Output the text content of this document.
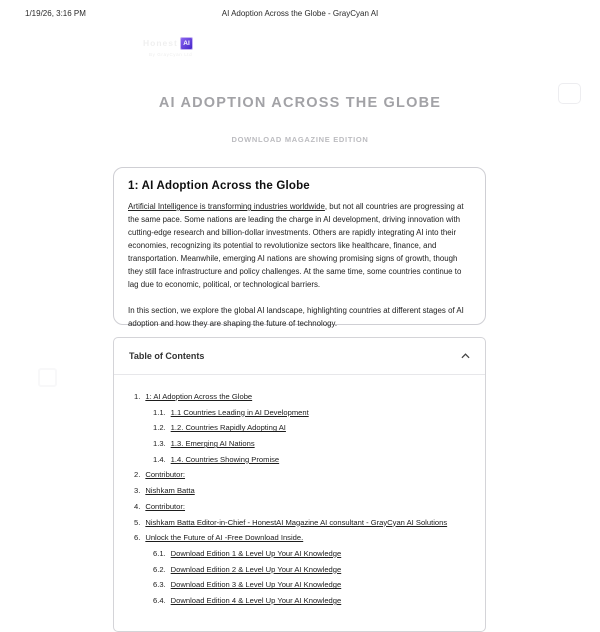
1/19/26, 3:16 PM	AI Adoption Across the Globe - GrayCyan AI
Honest AI
By GrayCyan Ltd
AI ADOPTION ACROSS THE GLOBE
DOWNLOAD MAGAZINE EDITION
1: AI Adoption Across the Globe

Artificial Intelligence is transforming industries worldwide, but not all countries are progressing at the same pace. Some nations are leading the charge in AI development, driving innovation with cutting-edge research and billion-dollar investments. Others are rapidly integrating AI into their economies, recognizing its potential to revolutionize sectors like healthcare, finance, and transportation. Meanwhile, emerging AI nations are showing promising signs of growth, though they still face infrastructure and policy challenges. At the same time, some countries continue to lag due to economic, political, or technological barriers.

In this section, we explore the global AI landscape, highlighting countries at different stages of AI adoption and how they are shaping the future of technology.

Table of Contents
1. 1: AI Adoption Across the Globe
1.1. 1.1 Countries Leading in AI Development
1.2. 1.2. Countries Rapidly Adopting AI
1.3. 1.3. Emerging AI Nations
1.4. 1.4. Countries Showing Promise
2. Contributor:
3. Nishkam Batta
4. Contributor:
5. Nishkam Batta Editor-in-Chief - HonestAI Magazine AI consultant - GrayCyan AI Solutions
6. Unlock the Future of AI -Free Download Inside.
6.1. Download Edition 1 & Level Up Your AI Knowledge
6.2. Download Edition 2 & Level Up Your AI Knowledge
6.3. Download Edition 3 & Level Up Your AI Knowledge
6.4. Download Edition 4 & Level Up Your AI Knowledge
